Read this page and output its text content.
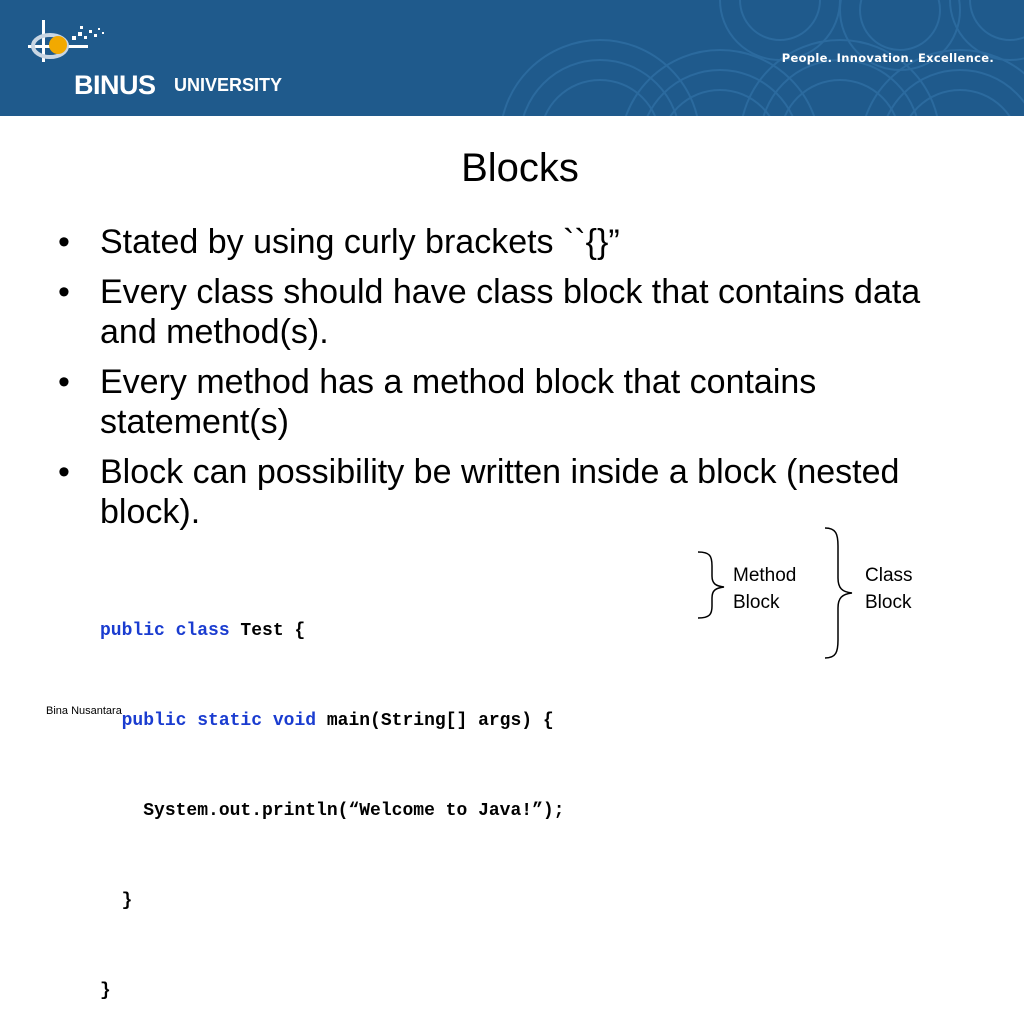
BINUS UNIVERSITY
People. Innovation. Excellence.
Blocks
• Stated by using curly brackets ``{}”
• Every class should have class block that contains data and method(s).
• Every method has a method block that contains statement(s)
• Block can possibility be written inside a block (nested block).

public class Test {

public static void main(String[] args) {

System.out.println(“Welcome to Java!”);

}

}

Method
Block
Class
Block
Bina Nusantara
